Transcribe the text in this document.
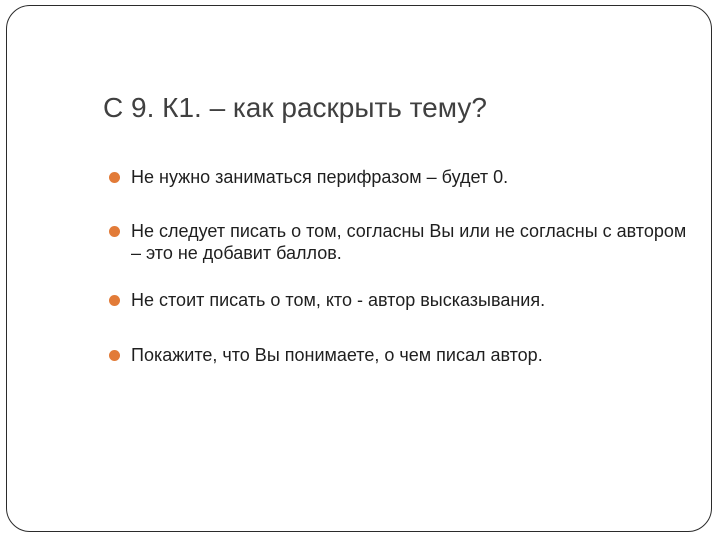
С 9. К1. – как раскрыть тему?
Не нужно заниматься перифразом – будет 0.
Не следует писать о том, согласны Вы или не согласны с автором – это не добавит баллов.
Не стоит писать о том, кто - автор высказывания.
Покажите, что Вы понимаете, о чем писал автор.
